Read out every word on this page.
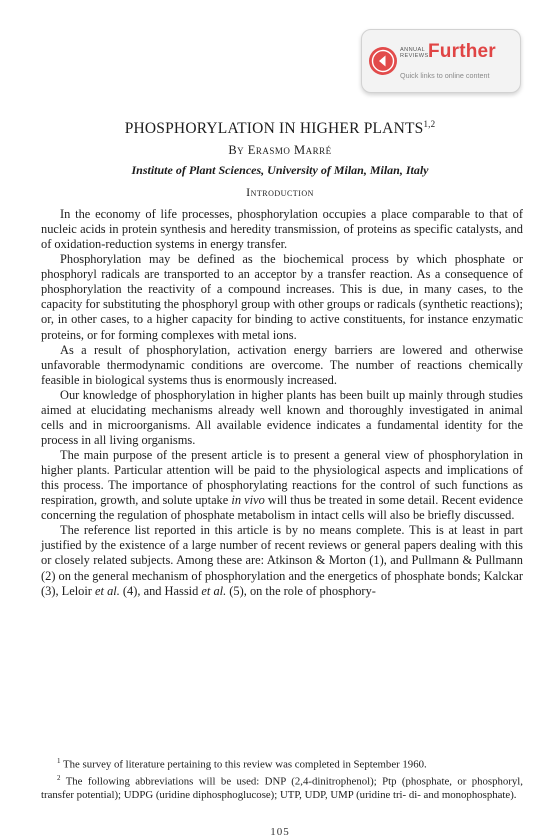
ANNUAL
REVIEWS Further
Quick links to online content
PHOSPHORYLATION IN HIGHER PLANTS$^{1,2}$
By Erasmo Marré
Institute of Plant Sciences, University of Milan, Milan, Italy
Introduction

In the economy of life processes, phosphorylation occupies a place comparable to that of nucleic acids in protein synthesis and heredity transmission, of proteins as specific catalysts, and of oxidation-reduction systems in energy transfer.

Phosphorylation may be defined as the biochemical process by which phosphate or phosphoryl radicals are transported to an acceptor by a transfer reaction. As a consequence of phosphorylation the reactivity of a compound increases. This is due, in many cases, to the capacity for substituting the phosphoryl group with other groups or radicals (synthetic reactions); or, in other cases, to a higher capacity for binding to active constituents, for instance enzymatic proteins, or for forming complexes with metal ions.

As a result of phosphorylation, activation energy barriers are lowered and otherwise unfavorable thermodynamic conditions are overcome. The number of reactions chemically feasible in biological systems thus is enormously increased.

Our knowledge of phosphorylation in higher plants has been built up mainly through studies aimed at elucidating mechanisms already well known and thoroughly investigated in animal cells and in microorganisms. All available evidence indicates a fundamental identity for the process in all living organisms.

The main purpose of the present article is to present a general view of phosphorylation in higher plants. Particular attention will be paid to the physiological aspects and implications of this process. The importance of phosphorylating reactions for the control of such functions as respiration, growth, and solute uptake in vivo will thus be treated in some detail. Recent evidence concerning the regulation of phosphate metabolism in intact cells will also be briefly discussed.

The reference list reported in this article is by no means complete. This is at least in part justified by the existence of a large number of recent reviews or general papers dealing with this or closely related subjects. Among these are: Atkinson & Morton (1), and Pullmann & Pullmann (2) on the general mechanism of phosphorylation and the energetics of phosphate bonds; Kalckar (3), Leloir et al. (4), and Hassid et al. (5), on the role of phosphory-

$^1$ The survey of literature pertaining to this review was completed in September 1960.

$^2$ The following abbreviations will be used: DNP (2,4-dinitrophenol); Ptp (phosphate, or phosphoryl, transfer potential); UDPG (uridine diphosphoglucose); UTP, UDP, UMP (uridine tri- di- and monophosphate).

105
